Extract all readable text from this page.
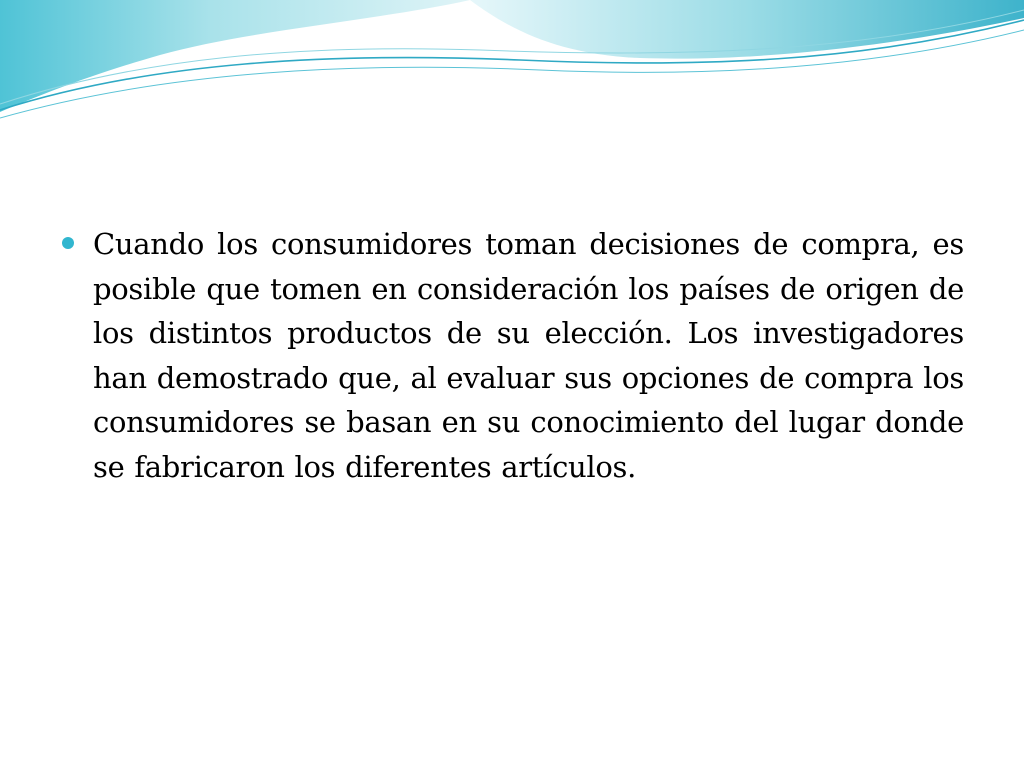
Cuando los consumidores toman decisiones de compra, es posible que tomen en consideración los países de origen de los distintos productos de su elección. Los investigadores han demostrado que, al evaluar sus opciones de compra los consumidores se basan en su conocimiento del lugar donde se fabricaron los diferentes artículos.
